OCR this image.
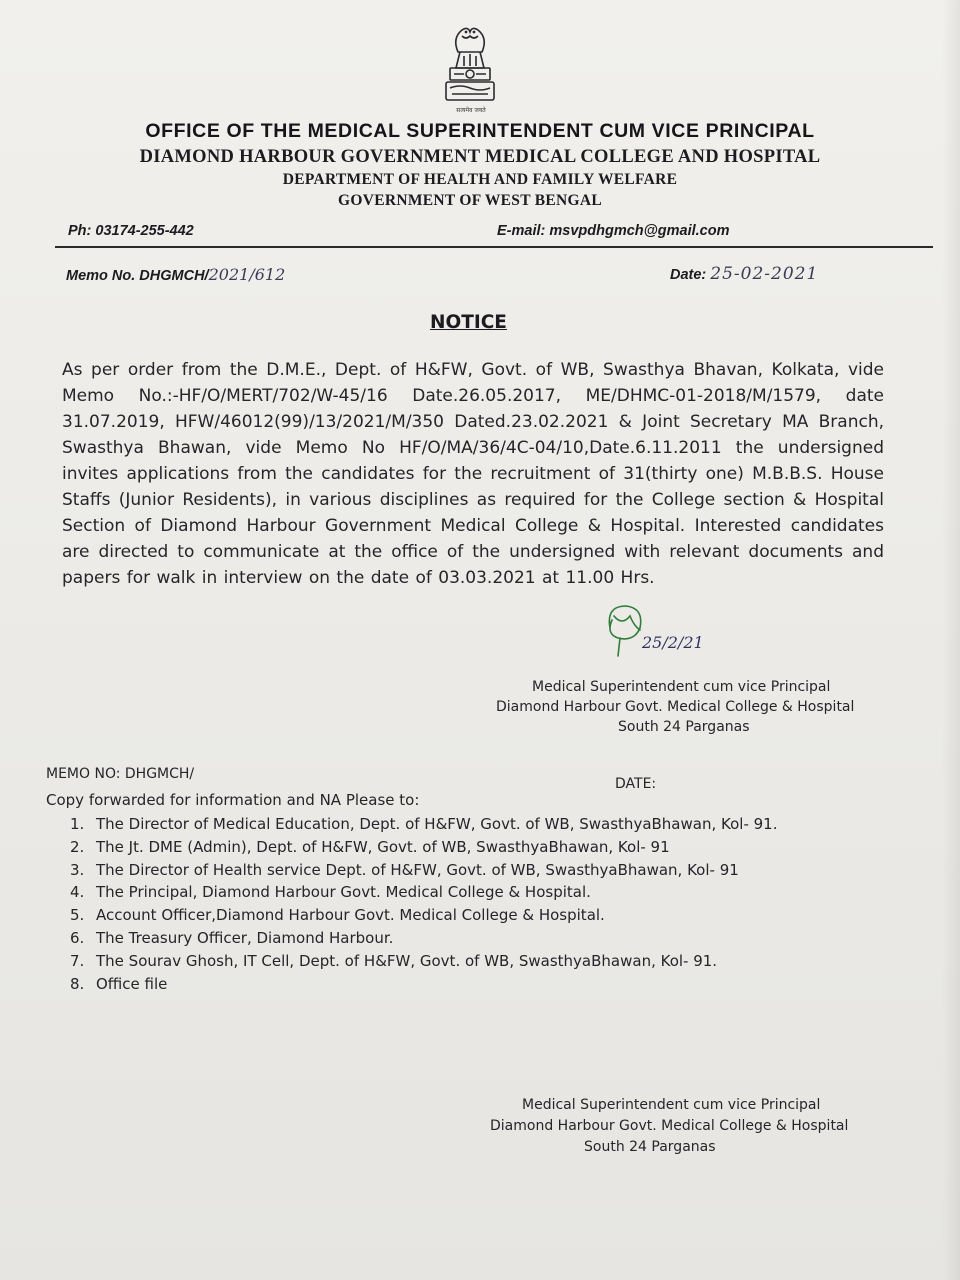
सत्यमेव जयते
OFFICE OF THE MEDICAL SUPERINTENDENT CUM VICE PRINCIPAL
DIAMOND HARBOUR GOVERNMENT MEDICAL COLLEGE AND HOSPITAL
DEPARTMENT OF HEALTH AND FAMILY WELFARE
GOVERNMENT OF WEST BENGAL
Ph: 03174-255-442	E-mail: msvpdhgmch@gmail.com
Memo No. DHGMCH/2021/612	Date: 25-02-2021
NOTICE
As per order from the D.M.E., Dept. of H&FW, Govt. of WB, Swasthya Bhavan, Kolkata, vide Memo No.:-HF/O/MERT/702/W-45/16 Date.26.05.2017, ME/DHMC-01-2018/M/1579, date 31.07.2019, HFW/46012(99)/13/2021/M/350 Dated.23.02.2021 & Joint Secretary MA Branch, Swasthya Bhawan, vide Memo No HF/O/MA/36/4C-04/10,Date.6.11.2011 the undersigned invites applications from the candidates for the recruitment of 31(thirty one) M.B.B.S. House Staffs (Junior Residents), in various disciplines as required for the College section & Hospital Section of Diamond Harbour Government Medical College & Hospital. Interested candidates are directed to communicate at the office of the undersigned with relevant documents and papers for walk in interview on the date of 03.03.2021 at 11.00 Hrs.
25/2/21
Medical Superintendent cum vice Principal
Diamond Harbour Govt. Medical College & Hospital
South 24 Parganas
MEMO NO: DHGMCH/
DATE:
Copy forwarded for information and NA Please to:
1. The Director of Medical Education, Dept. of H&FW, Govt. of WB, SwasthyaBhawan, Kol- 91.
2. The Jt. DME (Admin), Dept. of H&FW, Govt. of WB, SwasthyaBhawan, Kol- 91
3. The Director of Health service Dept. of H&FW, Govt. of WB, SwasthyaBhawan, Kol- 91
4. The Principal, Diamond Harbour Govt. Medical College & Hospital.
5. Account Officer,Diamond Harbour Govt. Medical College & Hospital.
6. The Treasury Officer, Diamond Harbour.
7. The Sourav Ghosh, IT Cell, Dept. of H&FW, Govt. of WB, SwasthyaBhawan, Kol- 91.
8. Office file
Medical Superintendent cum vice Principal
Diamond Harbour Govt. Medical College & Hospital
South 24 Parganas
